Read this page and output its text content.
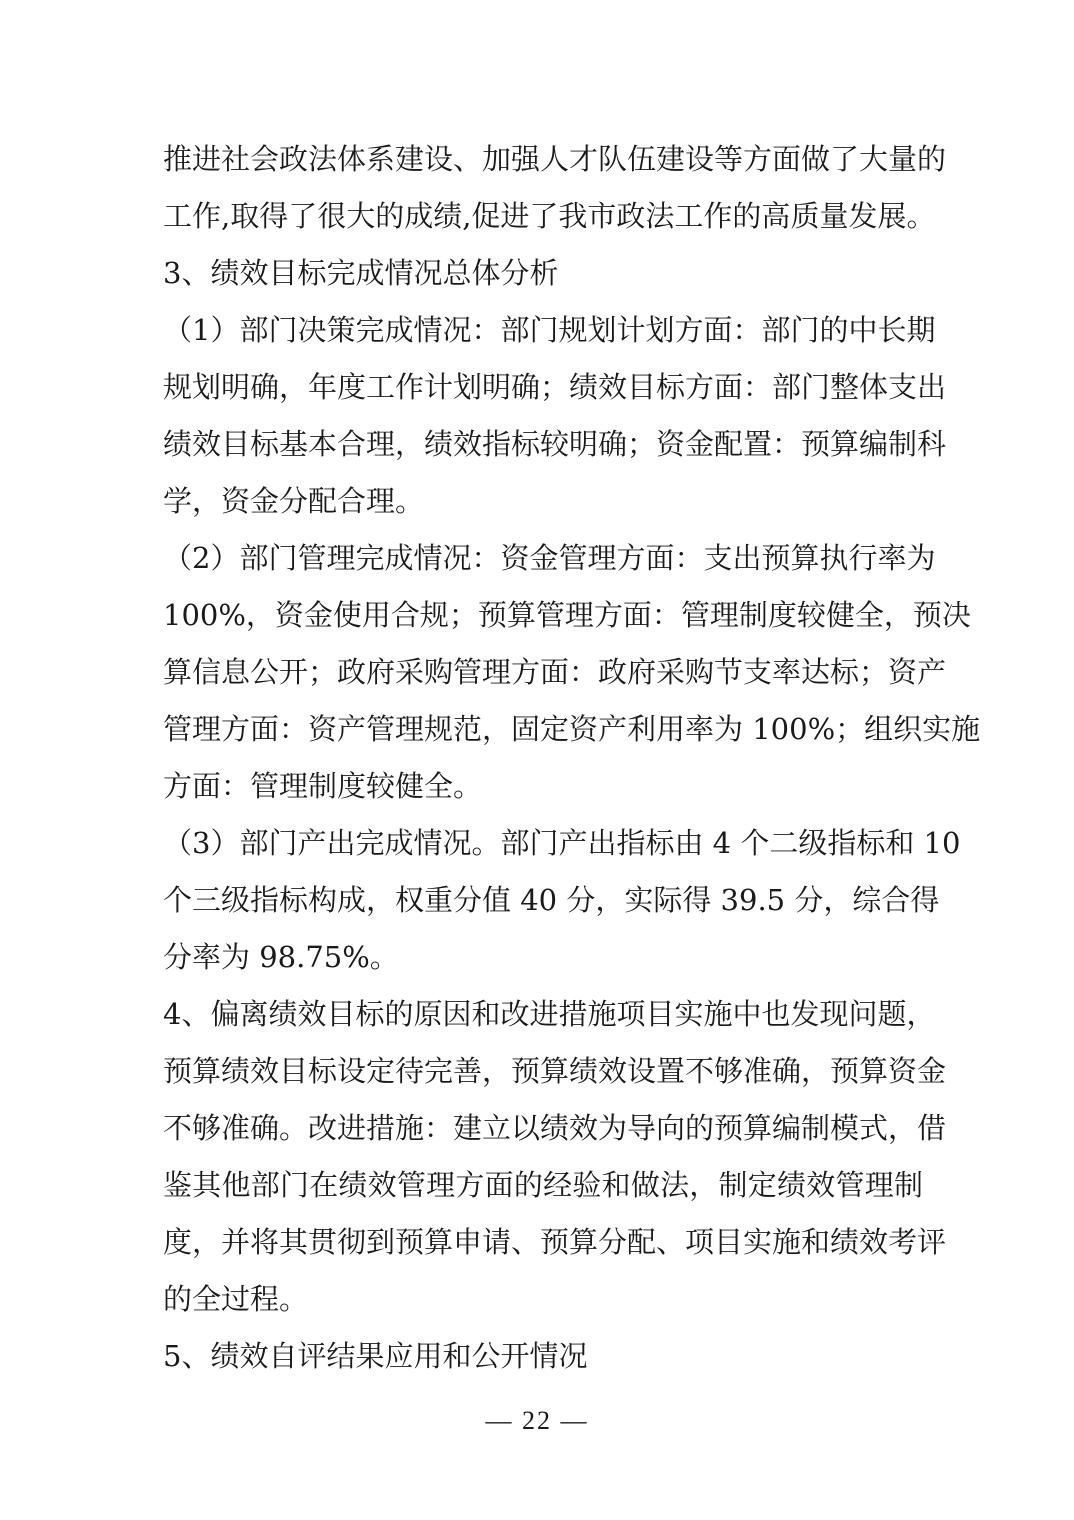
推进社会政法体系建设、加强人才队伍建设等方面做了大量的
工作,取得了很大的成绩,促进了我市政法工作的高质量发展。
3、绩效目标完成情况总体分析
（1）部门决策完成情况：部门规划计划方面：部门的中长期
规划明确，年度工作计划明确；绩效目标方面：部门整体支出
绩效目标基本合理，绩效指标较明确；资金配置：预算编制科
学，资金分配合理。
（2）部门管理完成情况：资金管理方面：支出预算执行率为
100%，资金使用合规；预算管理方面：管理制度较健全，预决
算信息公开；政府采购管理方面：政府采购节支率达标；资产
管理方面：资产管理规范，固定资产利用率为 100%；组织实施
方面：管理制度较健全。
（3）部门产出完成情况。部门产出指标由 4 个二级指标和 10
个三级指标构成，权重分值 40 分，实际得 39.5 分，综合得
分率为 98.75%。
4、偏离绩效目标的原因和改进措施项目实施中也发现问题，
预算绩效目标设定待完善，预算绩效设置不够准确，预算资金
不够准确。改进措施：建立以绩效为导向的预算编制模式，借
鉴其他部门在绩效管理方面的经验和做法，制定绩效管理制
度，并将其贯彻到预算申请、预算分配、项目实施和绩效考评
的全过程。
5、绩效自评结果应用和公开情况
— 22 —
